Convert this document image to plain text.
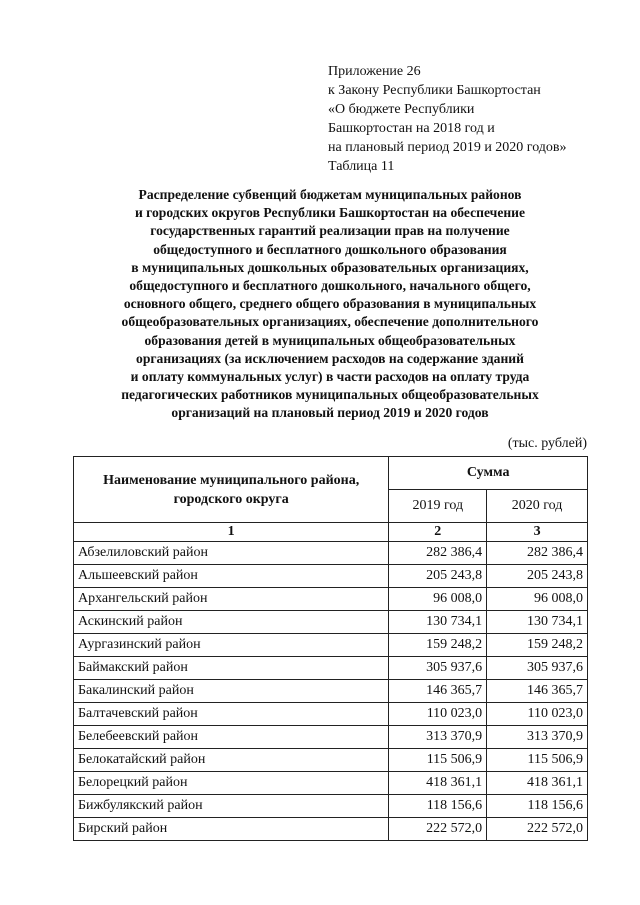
Приложение 26
к Закону Республики Башкортостан
«О бюджете Республики
Башкортостан на 2018 год и
на плановый период 2019 и 2020 годов»
Таблица 11
Распределение субвенций бюджетам муниципальных районов
и городских округов Республики Башкортостан на обеспечение
государственных гарантий реализации прав на получение
общедоступного и бесплатного дошкольного образования
в муниципальных дошкольных образовательных организациях,
общедоступного и бесплатного дошкольного, начального общего,
основного общего, среднего общего образования в муниципальных
общеобразовательных организациях, обеспечение дополнительного
образования детей в муниципальных общеобразовательных
организациях (за исключением расходов на содержание зданий
и оплату коммунальных услуг) в части расходов на оплату труда
педагогических работников муниципальных общеобразовательных
организаций на плановый период 2019 и 2020 годов
(тыс. рублей)
Наименование муниципального района, городского округа	Сумма	
	2019 год	2020 год
1	2	3
Абзелиловский район	282 386,4	282 386,4
Альшеевский район	205 243,8	205 243,8
Архангельский район	96 008,0	96 008,0
Аскинский район	130 734,1	130 734,1
Аургазинский район	159 248,2	159 248,2
Баймакский район	305 937,6	305 937,6
Бакалинский район	146 365,7	146 365,7
Балтачевский район	110 023,0	110 023,0
Белебеевский район	313 370,9	313 370,9
Белокатайский район	115 506,9	115 506,9
Белорецкий район	418 361,1	418 361,1
Бижбулякский район	118 156,6	118 156,6
Бирский район	222 572,0	222 572,0
